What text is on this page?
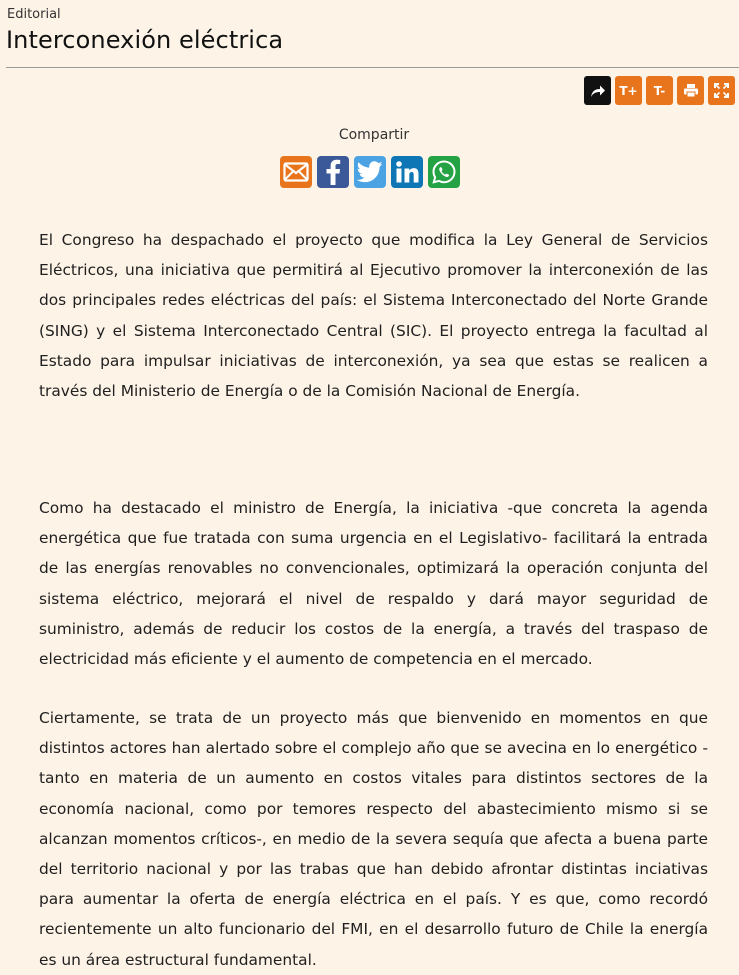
Editorial
Interconexión eléctrica
T+	T-
Compartir

El Congreso ha despachado el proyecto que modifica la Ley General de Servicios Eléctricos, una iniciativa que permitirá al Ejecutivo promover la interconexión de las dos principales redes eléctricas del país: el Sistema Interconectado del Norte Grande (SING) y el Sistema Interconectado Central (SIC). El proyecto entrega la facultad al Estado para impulsar iniciativas de interconexión, ya sea que estas se realicen a través del Ministerio de Energía o de la Comisión Nacional de Energía.

Como ha destacado el ministro de Energía, la iniciativa -que concreta la agenda energética que fue tratada con suma urgencia en el Legislativo- facilitará la entrada de las energías renovables no convencionales, optimizará la operación conjunta del sistema eléctrico, mejorará el nivel de respaldo y dará mayor seguridad de suministro, además de reducir los costos de la energía, a través del traspaso de electricidad más eficiente y el aumento de competencia en el mercado.

Ciertamente, se trata de un proyecto más que bienvenido en momentos en que distintos actores han alertado sobre el complejo año que se avecina en lo energético -tanto en materia de un aumento en costos vitales para distintos sectores de la economía nacional, como por temores respecto del abastecimiento mismo si se alcanzan momentos críticos-, en medio de la severa sequía que afecta a buena parte del territorio nacional y por las trabas que han debido afrontar distintas inciativas para aumentar la oferta de energía eléctrica en el país. Y es que, como recordó recientemente un alto funcionario del FMI, en el desarrollo futuro de Chile la energía es un área estructural fundamental.
